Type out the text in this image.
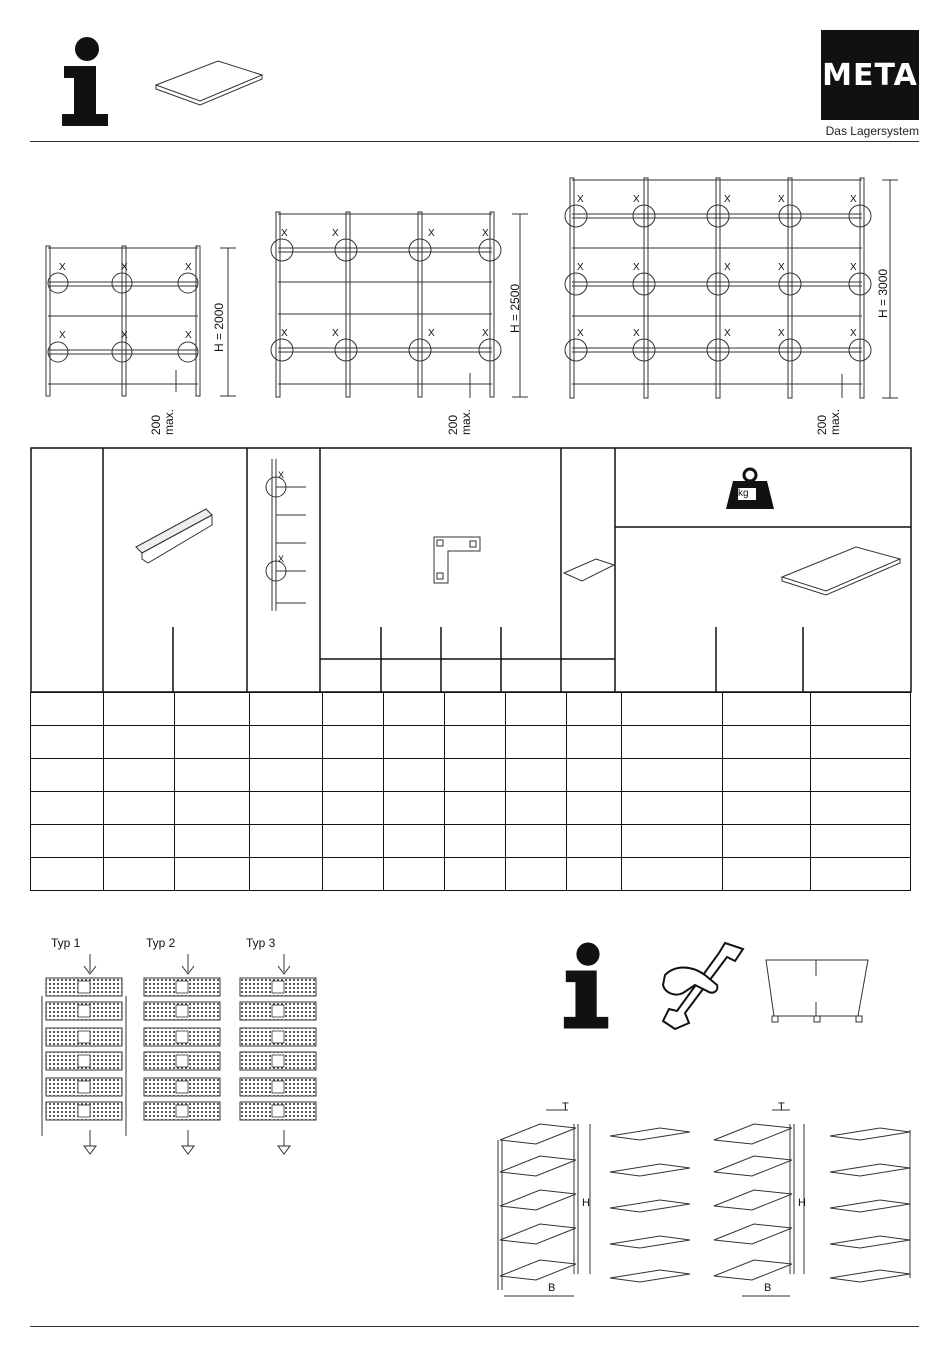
META
Das Lagersystem
X	X	X
X	X	X H = 2000
200 max.
X	X	X	X
X	X	X	X
H = 2500
200 max.
X	X	X	X	X
X	X	X	X	X
X	X	X	X	X
H = 3000
200 max.
X
X
kg

Typ 1	Typ 2	Typ 3
T
H
B
T
H
B
